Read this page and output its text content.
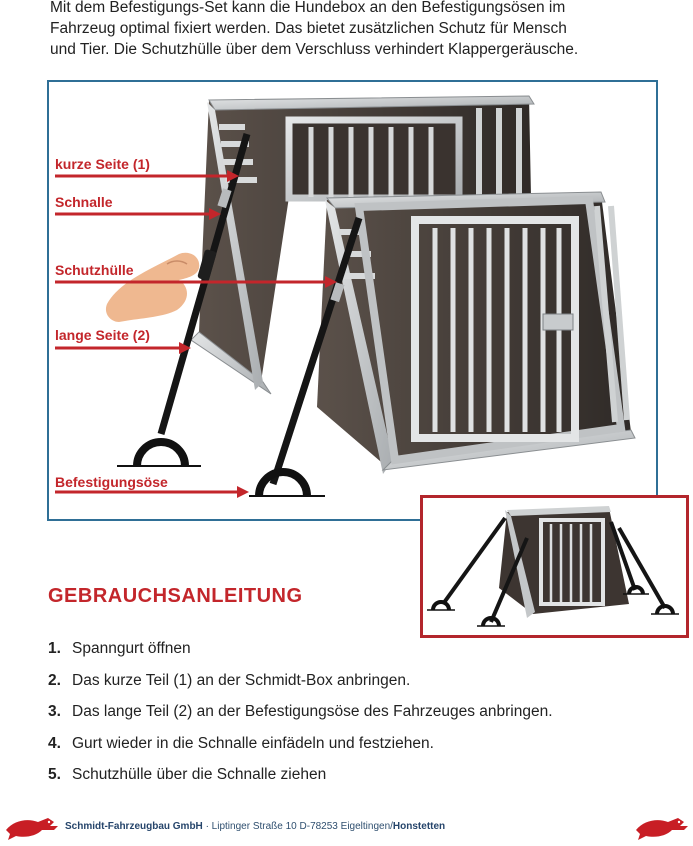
Mit dem Befestigungs-Set kann die Hundebox an den Befestigungsösen im

Fahrzeug optimal fixiert werden. Das bietet zusätzlichen Schutz für Mensch

und Tier. Die Schutzhülle über dem Verschluss verhindert Klappergeräusche.

kurze Seite (1)
Schnalle
Schutzhülle
lange Seite (2)
Befestigungsöse
GEBRAUCHSANLEITUNG
1. Spanngurt öffnen
2. Das kurze Teil (1) an der Schmidt-Box anbringen.
3. Das lange Teil (2) an der Befestigungsöse des Fahrzeuges anbringen.
4. Gurt wieder in die Schnalle einfädeln und festziehen.
5. Schutzhülle über die Schnalle ziehen
Schmidt-Fahrzeugbau GmbH · Liptinger Straße 10 D-78253 Eigeltingen/Honstetten
